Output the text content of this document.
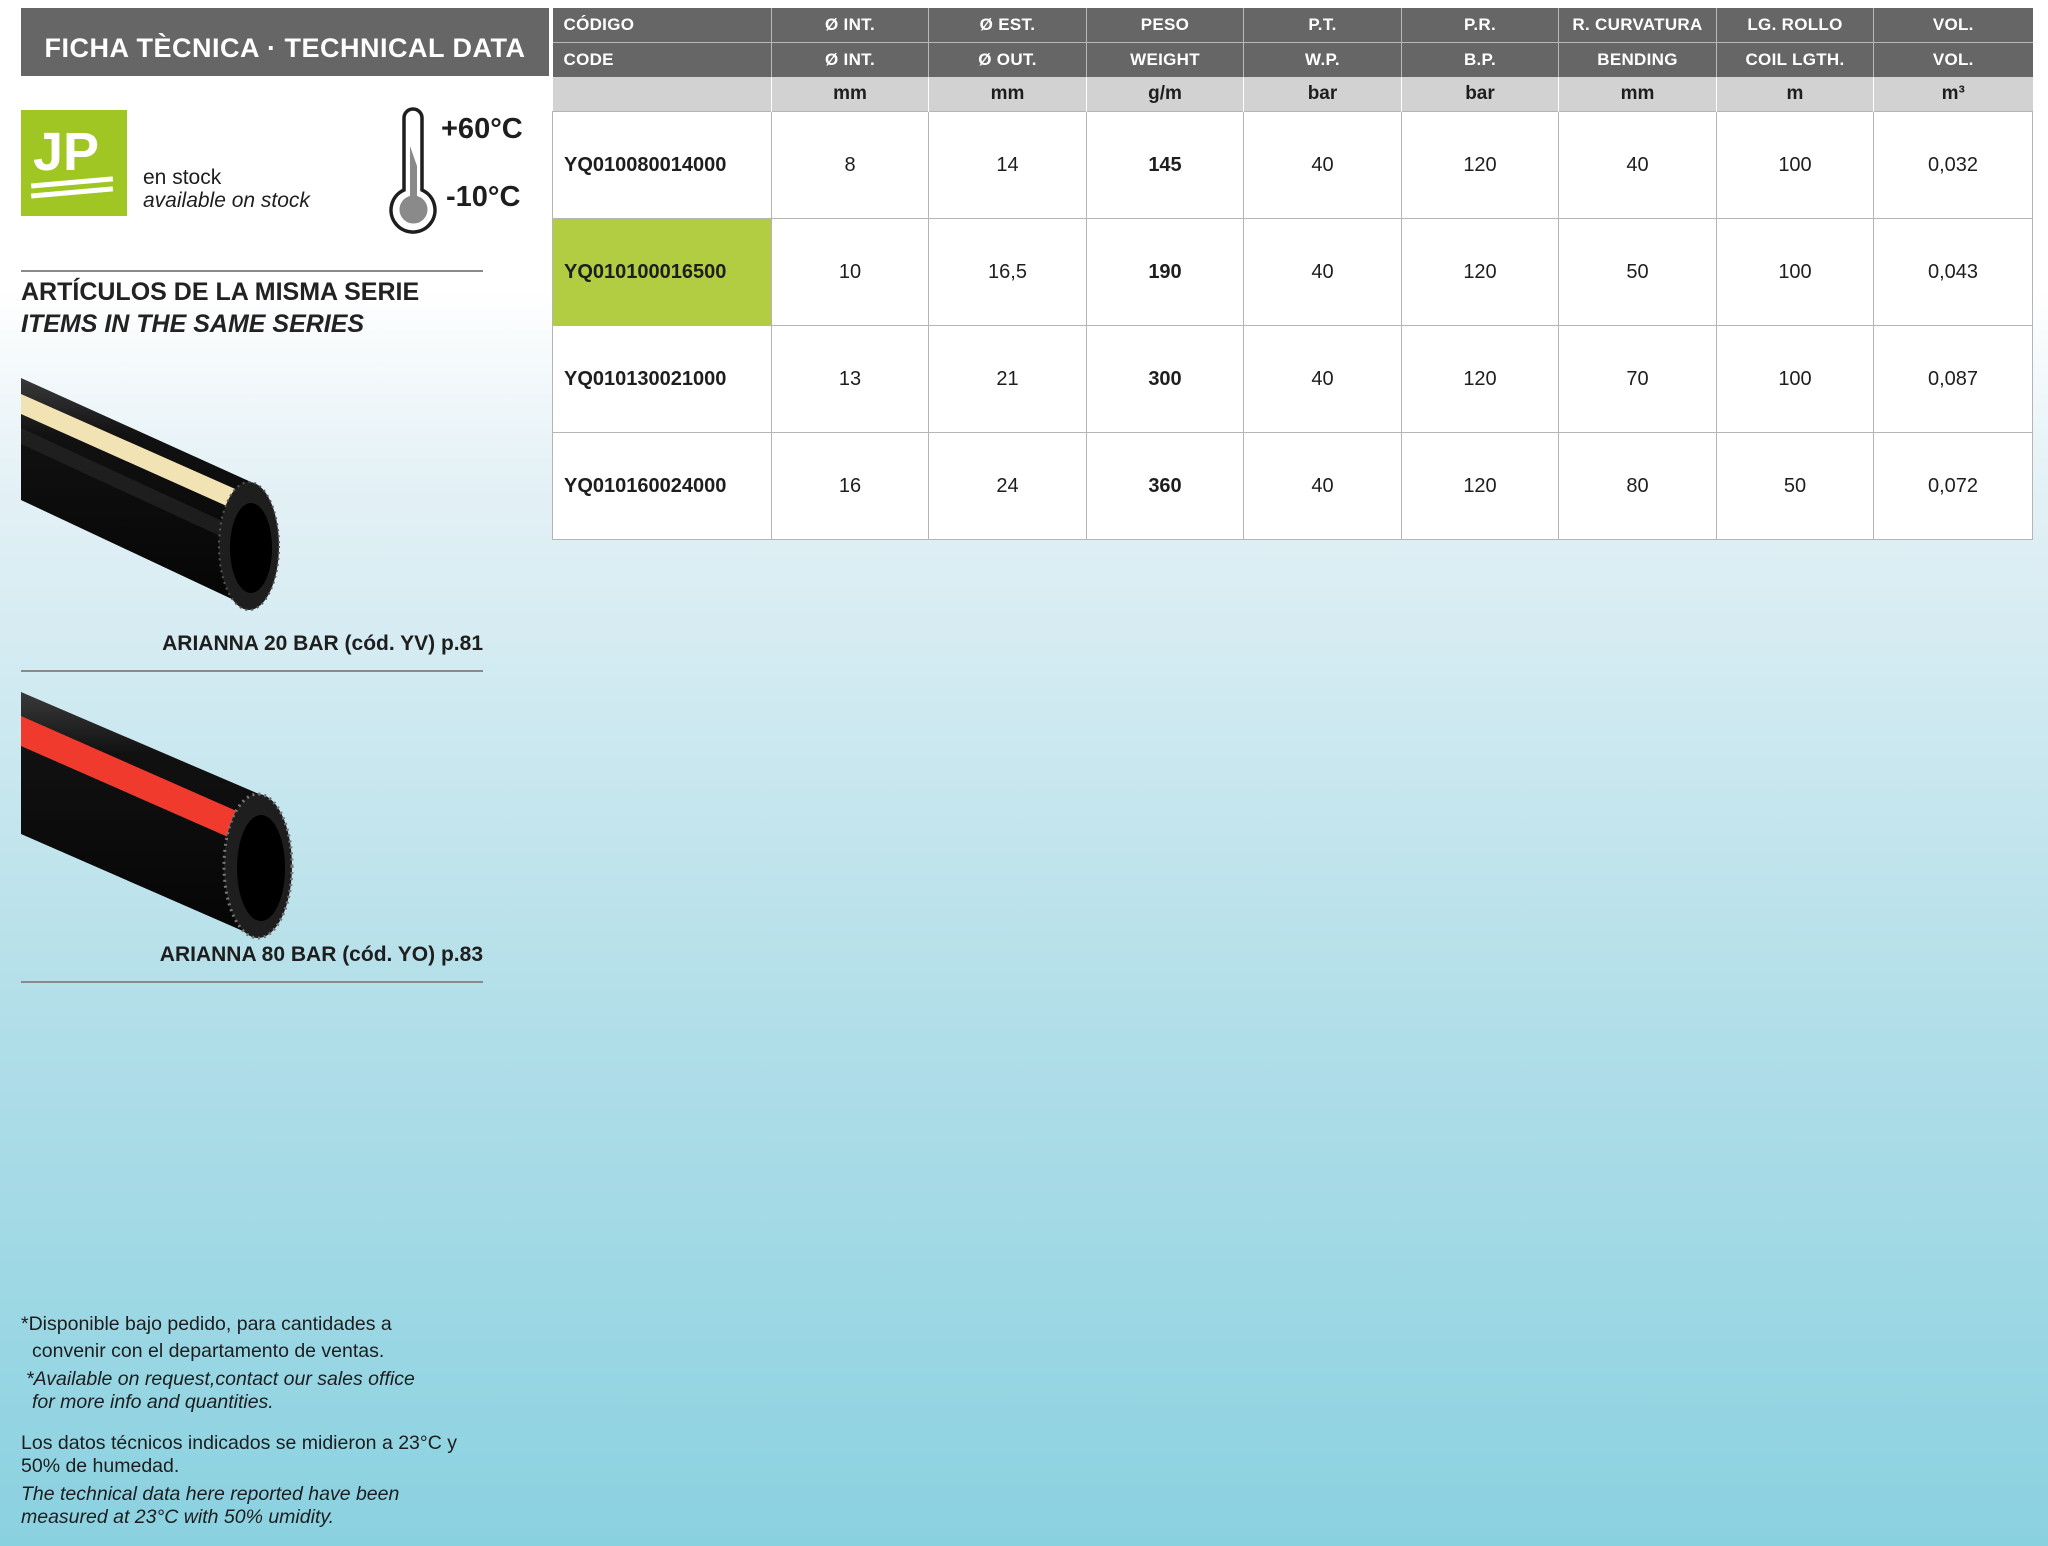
FICHA TÈCNICA · TECHNICAL DATA
JP en stock
available on stock
+60°C
-10°C
ARTÍCULOS DE LA MISMA SERIE
ITEMS IN THE SAME SERIES
ARIANNA 20 BAR (cód. YV) p.81
ARIANNA 80 BAR (cód. YO) p.83
*Disponible bajo pedido, para cantidades a
convenir con el departamento de ventas.
*Available on request,contact our sales office
for more info and quantities.
Los datos técnicos indicados se midieron a 23°C y
50% de humedad.
The technical data here reported have been
measured at 23°C with 50% umidity.
CÓDIGO	Ø INT.	Ø EST.	PESO	P.T.	P.R.	R. CURVATURA	LG. ROLLO	VOL.
CODE	Ø INT.	Ø OUT.	WEIGHT	W.P.	B.P.	BENDING	COIL LGTH.	VOL.
	mm	mm	g/m	bar	bar	mm	m	m³
YQ010080014000	8	14	145	40	120	40	100	0,032
YQ010100016500	10	16,5	190	40	120	50	100	0,043
YQ010130021000	13	21	300	40	120	70	100	0,087
YQ010160024000	16	24	360	40	120	80	50	0,072
